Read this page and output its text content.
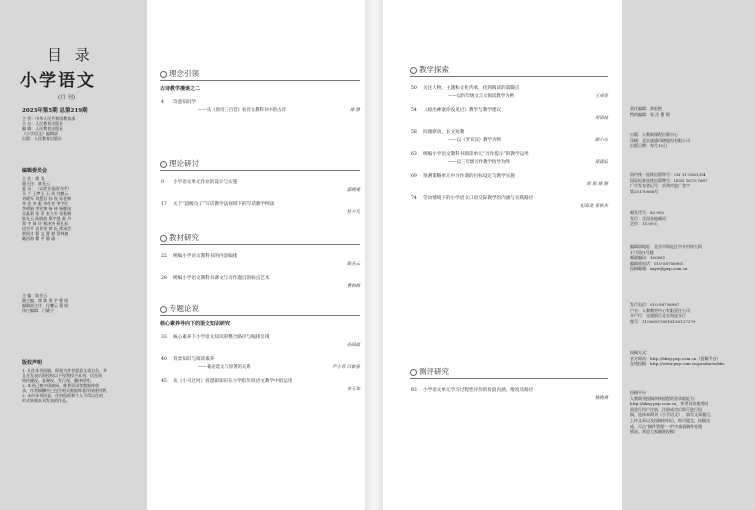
目 录
小学语文
(月 刊)
2023年第5期 总第219期
主 管：中华人民共和国教育部
主 办：人民教育出版社
编 辑：人民教育出版社
《小学语文》编辑部
出版：人民教育出版社
编辑委员会
主 任：郭 戈
副主任：陈先云
委 员：（以姓氏笔画为序）
马 兰 王梦玉 石 英 付鹏云
刘晓军 刘慧君 孙 锐 孙老梅
李 竞 李 彪 李作芳 李宇红
李明娟 李宏锦 杨 林 杨继国
吴晶莉 张 菲 张立军 张秋梅
陈先云 陈晓波 郑宇莲 郝 丹
郑 宇 周 玲 林泽杰 柯孔标
段宗平 袁亚荣 徐 耘 徐承芸
黄国才 曹 文 曹 斌 蔡林森
戴昌海 瞿 平 静 瑜
主 编：陈先云
副主编：徐 轶 郑 宇 曹 昭
编辑部主任：付鹏云 曹 昭
执行编辑：门晓宁
版权声明
1. 凡往本刊投稿，即视为作者愿意文责自负，并
且在发表后即授权以下权利授予本刊：信息网
络传播权、复制权、发行权、翻译权等。
2. 本刊已被中国知网、维普资讯等数据库收
录，作者稿酬中已包含相关数据库著作权使用费。
3. 未经本刊同意，任何组织和个人不得以任何
形式转载本刊发表的作品。
理念引领
古诗教学漫谈之二
4 诗意知识学
——从《唐诗三百首》看诗文教科书中的古诗	徐 静
理论研讨
9 小学语文单元作业的设计与实施
郭晓斐
17 关于“超级句子”写话教学法视域下的写话教学例谈
杜少凡
教材研究
22 统编小学语文教科书的内容编排
陈先云
29 统编小学语文教科书课文与习作题目的标点艺术
曹如梅
专题论说
核心素养导向下的语文知识研究
33 核心素养下小学语文知识的整合路径与编排呈现
孙国福
40 背景知识与阅读素养
——兼论选文与原著的关系	严小青 吕新春
45 从《小马过河》看逻辑知识在小学低年段语文教学中的运用
宋玉华
教学探索
50 关注人物、主题和文化传承，找到阅读的落脚点
——以四年级文言文阅读教学为例	王成亮
54 《稳出神童你没见过》教学与教学建议
周语枝
58 问题驱动，长文短教
——以《罗宾汉》教学为例	郝小乐
63 统编小学语文教科书阅读单元“习作提示”的教学运用
——以三年级习作教学指导为例	郑建弘
69 预测策略单元中习作课的目标设定与教学实施
刘 珉 徐 颖
74 劳动情境下的小学语文口语交际教学的内涵与实践路径
纪海龙 张秋木
测评研究
83 小学语文单元学习过程性评价的价值内涵、维度及路径
姚晓燕
责任编辑：余宏艳
特约编辑：张 注 曹 锲
出版：人教新课程出版中心
印刷：北京盛通印刷股份有限公司
出版日期：每月10日
国内统一连续出版物号：CN 11-5561/G4
国际标准连续出版物号：ISSN 1673-7687
广告发布登记号：京海市监广登字
第20170066号
邮发代号：82-992
发行：全国各地邮局
定价：15.00元
编辑部地址：北京市海淀区中关村南大街
17号院1号楼
邮政编码：100081
编辑部电话：010-58758961
投稿邮箱：xxyw@pep.com.cn
发行电话：010-58758987
户名：人教教材中心有限责任公司
开户行：交通银行北京海淀支行
账号：110060576018150127279
投稿方式：
官方网站：http://bkrg.pep.com.cn（投稿平台）
在线投稿：http://www.pep.com.cn/products/bks
投稿平台
人教期刊投稿审核流程的登录地址为：
http://bkrg.pep.com.cn，作者首次使用时
需进行用户注册，注册成功后即可进行投
稿。选择本期刊《小学语文》，填写文章题目，
上传文章以及投稿材料后，即可提交，投稿完
成。可点“稿件管理”一栏中查看稿件处理
情况。欢迎大家踊跃投稿！
